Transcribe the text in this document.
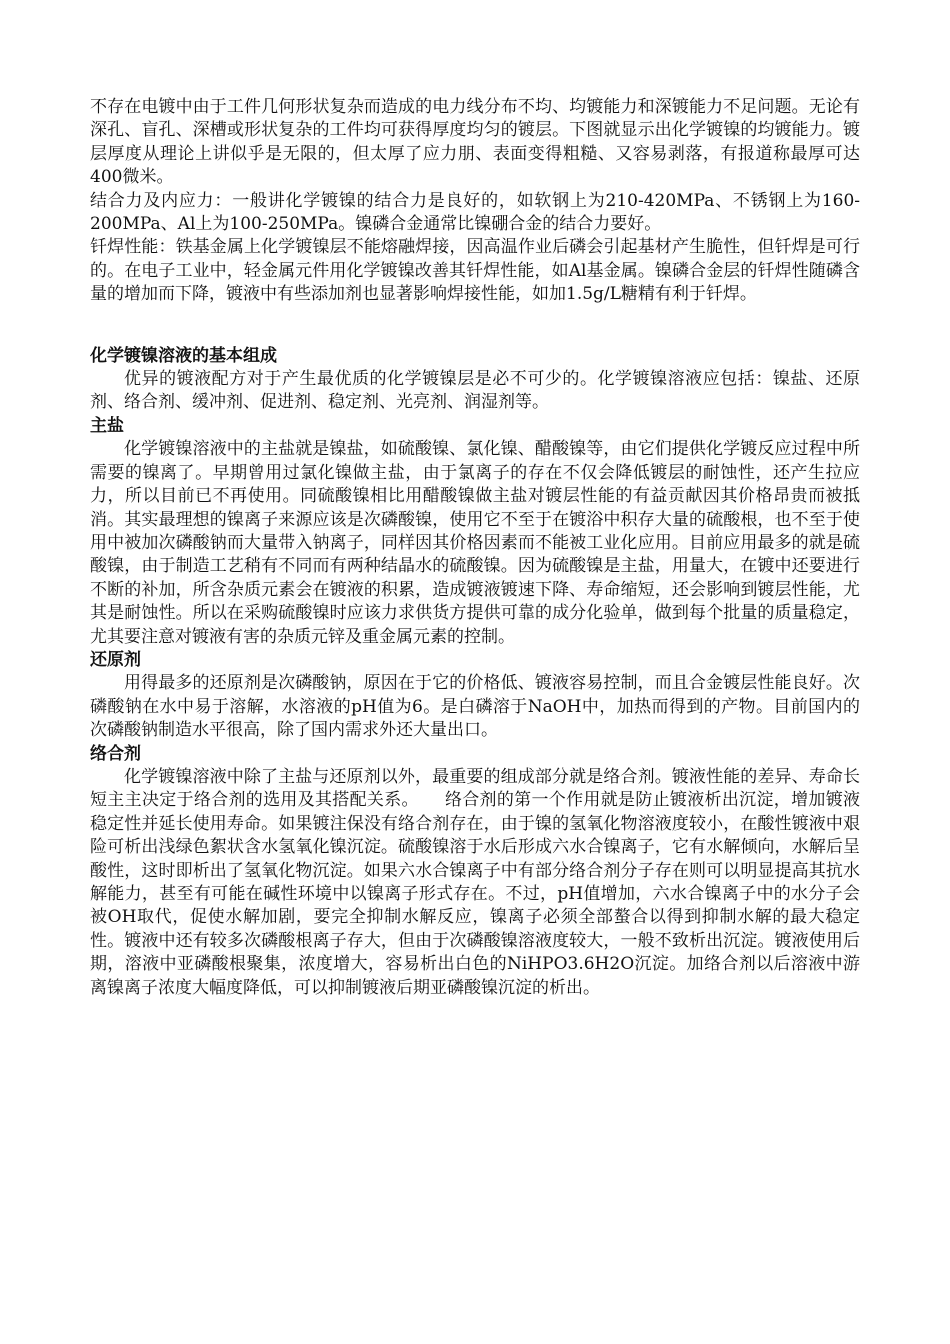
不存在电镀中由于工件几何形状复杂而造成的电力线分布不均、均镀能力和深镀能力不足问题。无论有深孔、盲孔、深槽或形状复杂的工件均可获得厚度均匀的镀层。下图就显示出化学镀镍的均镀能力。镀层厚度从理论上讲似乎是无限的，但太厚了应力朋、表面变得粗糙、又容易剥落，有报道称最厚可达400微米。

结合力及内应力：一般讲化学镀镍的结合力是良好的，如软钢上为210-420MPa、不锈钢上为160-200MPa、Al上为100-250MPa。镍磷合金通常比镍硼合金的结合力要好。

钎焊性能：铁基金属上化学镀镍层不能熔融焊接，因高温作业后磷会引起基材产生脆性，但钎焊是可行的。在电子工业中，轻金属元件用化学镀镍改善其钎焊性能，如Al基金属。镍磷合金层的钎焊性随磷含量的增加而下降，镀液中有些添加剂也显著影响焊接性能，如加1.5g/L糖精有利于钎焊。

化学镀镍溶液的基本组成

优异的镀液配方对于产生最优质的化学镀镍层是必不可少的。化学镀镍溶液应包括：镍盐、还原剂、络合剂、缓冲剂、促进剂、稳定剂、光亮剂、润湿剂等。

主盐

化学镀镍溶液中的主盐就是镍盐，如硫酸镍、氯化镍、醋酸镍等，由它们提供化学镀反应过程中所需要的镍离了。早期曾用过氯化镍做主盐，由于氯离子的存在不仅会降低镀层的耐蚀性，还产生拉应力，所以目前已不再使用。同硫酸镍相比用醋酸镍做主盐对镀层性能的有益贡献因其价格昂贵而被抵消。其实最理想的镍离子来源应该是次磷酸镍，使用它不至于在镀浴中积存大量的硫酸根，也不至于使用中被加次磷酸钠而大量带入钠离子，同样因其价格因素而不能被工业化应用。目前应用最多的就是硫酸镍，由于制造工艺稍有不同而有两种结晶水的硫酸镍。因为硫酸镍是主盐，用量大，在镀中还要进行不断的补加，所含杂质元素会在镀液的积累，造成镀液镀速下降、寿命缩短，还会影响到镀层性能，尤其是耐蚀性。所以在采购硫酸镍时应该力求供货方提供可靠的成分化验单，做到每个批量的质量稳定，尤其要注意对镀液有害的杂质元锌及重金属元素的控制。

还原剂

用得最多的还原剂是次磷酸钠，原因在于它的价格低、镀液容易控制，而且合金镀层性能良好。次磷酸钠在水中易于溶解，水溶液的pH值为6。是白磷溶于NaOH中，加热而得到的产物。目前国内的次磷酸钠制造水平很高，除了国内需求外还大量出口。

络合剂

化学镀镍溶液中除了主盐与还原剂以外，最重要的组成部分就是络合剂。镀液性能的差异、寿命长短主主决定于络合剂的选用及其搭配关系。　　络合剂的第一个作用就是防止镀液析出沉淀，增加镀液稳定性并延长使用寿命。如果镀注保没有络合剂存在，由于镍的氢氧化物溶液度较小，在酸性镀液中艰险可析出浅绿色絮状含水氢氧化镍沉淀。硫酸镍溶于水后形成六水合镍离子，它有水解倾向，水解后呈酸性，这时即析出了氢氧化物沉淀。如果六水合镍离子中有部分络合剂分子存在则可以明显提高其抗水解能力，甚至有可能在碱性环境中以镍离子形式存在。不过，pH值增加，六水合镍离子中的水分子会被OH取代，促使水解加剧，要完全抑制水解反应，镍离子必须全部螯合以得到抑制水解的最大稳定性。镀液中还有较多次磷酸根离子存大，但由于次磷酸镍溶液度较大，一般不致析出沉淀。镀液使用后期，溶液中亚磷酸根聚集，浓度增大，容易析出白色的NiHPO3.6H2O沉淀。加络合剂以后溶液中游离镍离子浓度大幅度降低，可以抑制镀液后期亚磷酸镍沉淀的析出。
